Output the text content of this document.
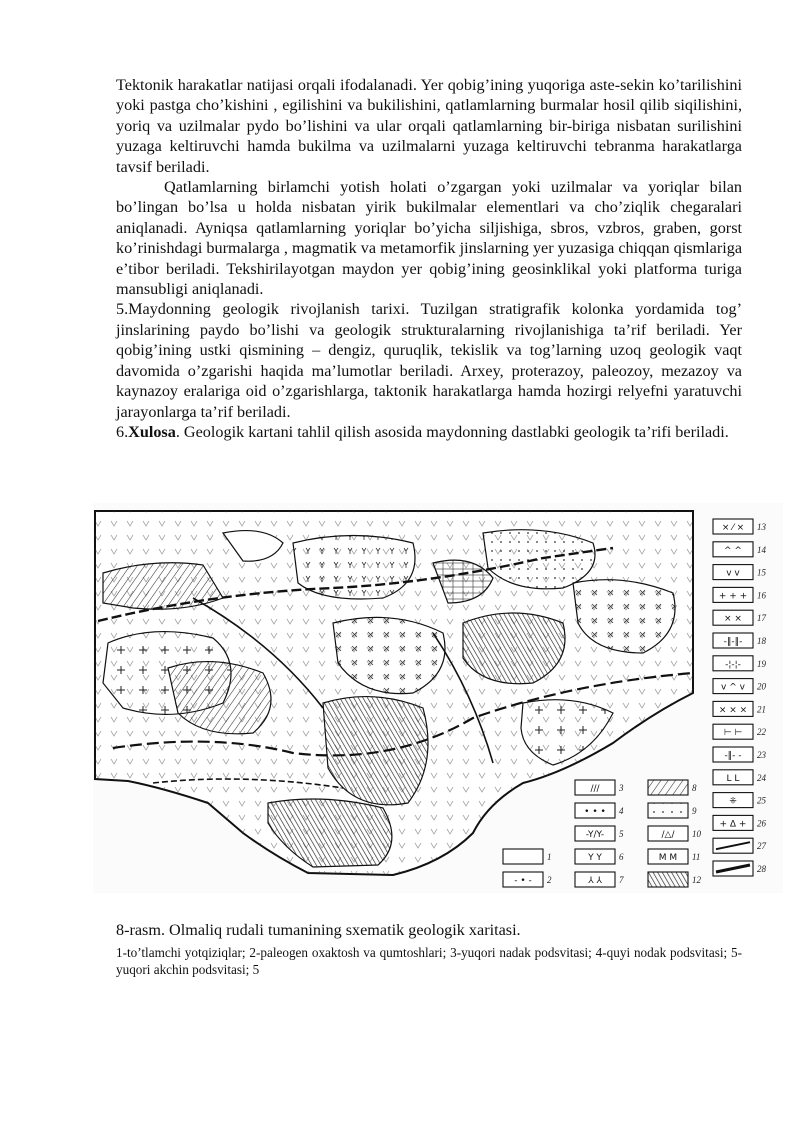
Tektonik harakatlar natijasi orqali ifodalanadi. Yer qobig’ining yuqoriga aste-sekin ko’tarilishini yoki pastga cho’kishini , egilishini va bukilishini, qatlamlarning burmalar hosil qilib siqilishini, yoriq va uzilmalar pydo bo’lishini va ular orqali qatlamlarning bir-biriga nisbatan surilishini yuzaga keltiruvchi hamda bukilma va uzilmalarni yuzaga keltiruvchi tebranma harakatlarga tavsif beriladi.

Qatlamlarning birlamchi yotish holati o’zgargan yoki uzilmalar va yoriqlar bilan bo’lingan bo’lsa u holda nisbatan yirik bukilmalar elementlari va cho’ziqlik chegaralari aniqlanadi. Ayniqsa qatlamlarning yoriqlar bo’yicha siljishiga, sbros, vzbros, graben, gorst ko’rinishdagi burmalarga , magmatik va metamorfik jinslarning yer yuzasiga chiqqan qismlariga e’tibor beriladi. Tekshirilayotgan maydon yer qobig’ining geosinklikal yoki platforma turiga mansubligi aniqlanadi.

5.Maydonning geologik rivojlanish tarixi. Tuzilgan stratigrafik kolonka yordamida tog’ jinslarining paydo bo’lishi va geologik strukturalarning rivojlanishiga ta’rif beriladi. Yer qobig’ining ustki qismining – dengiz, quruqlik, tekislik va tog’larning uzoq geologik vaqt davomida o’zgarishi haqida ma’lumotlar beriladi. Arxey, proterazoy, paleozoy, mezazoy va kaynazoy eralariga oid o’zgarishlarga, taktonik harakatlarga hamda hozirgi relyefni yaratuvchi jarayonlarga ta’rif beriladi.

6.Xulosa. Geologik kartani tahlil qilish asosida maydonning dastlabki geologik ta’rifi beriladi.

× ⁄ × 13
^ ^ 14
v v 15
+ + + 16
× × 17
-‖-‖- 18
-¦-¦- 19
v ^ v 20
× × × 21
⊢ ⊢ 22
-‖- - 23
L L 24
⁜ 25
+ Δ + 26
27
28
∕∕∕ 3
• • • 4
-Y/Y- 5
Y Y 6
⅄ ⅄ 7
8
9
∕△∕ 10
M M 11
12
1
- • - 2
8-rasm. Olmaliq rudali tumanining sxematik geologik xaritasi.
1-to’tlamchi yotqiziqlar; 2-paleogen oxaktosh va qumtoshlari; 3-yuqori nadak podsvitasi; 4-quyi nodak podsvitasi; 5-yuqori akchin podsvitasi; 5
